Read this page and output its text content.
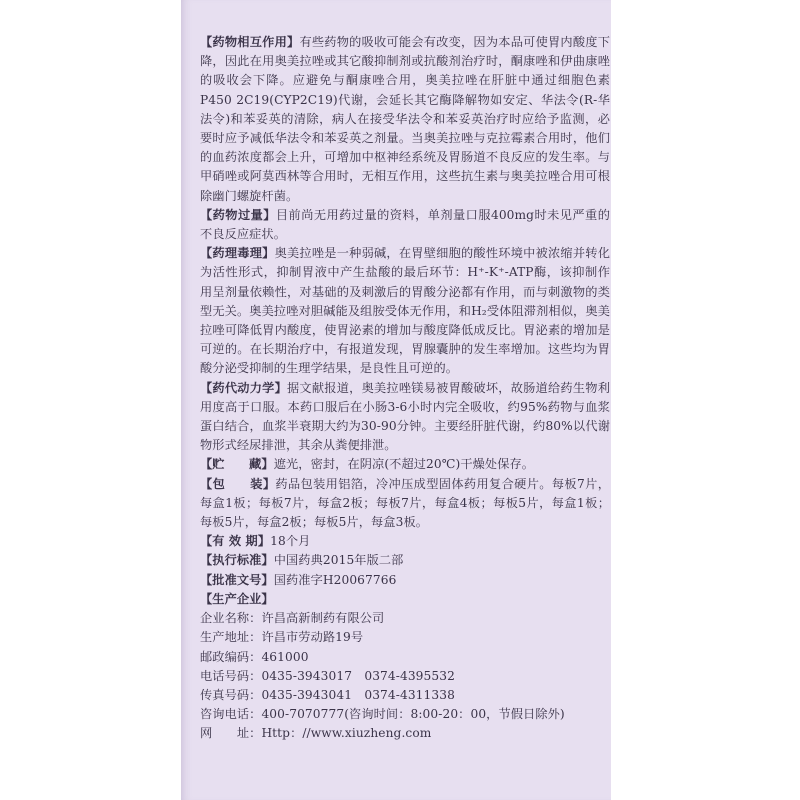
【药物相互作用】有些药物的吸收可能会有改变，因为本品可使胃内酸度下降，因此在用奥美拉唑或其它酸抑制剂或抗酸剂治疗时，酮康唑和伊曲康唑的吸收会下降。应避免与酮康唑合用，奥美拉唑在肝脏中通过细胞色素P450 2C19(CYP2C19)代谢，会延长其它酶降解物如安定、华法令(R-华法令)和苯妥英的清除，病人在接受华法令和苯妥英治疗时应给予监测，必要时应予减低华法令和苯妥英之剂量。当奥美拉唑与克拉霉素合用时，他们的血药浓度都会上升，可增加中枢神经系统及胃肠道不良反应的发生率。与甲硝唑或阿莫西林等合用时，无相互作用，这些抗生素与奥美拉唑合用可根除幽门螺旋杆菌。

【药物过量】目前尚无用药过量的资料，单剂量口服400mg时未见严重的不良反应症状。

【药理毒理】奥美拉唑是一种弱碱，在胃壁细胞的酸性环境中被浓缩并转化为活性形式，抑制胃液中产生盐酸的最后环节：H⁺-K⁺-ATP酶，该抑制作用呈剂量依赖性，对基础的及刺激后的胃酸分泌都有作用，而与刺激物的类型无关。奥美拉唑对胆碱能及组胺受体无作用，和H₂受体阻滞剂相似，奥美拉唑可降低胃内酸度，使胃泌素的增加与酸度降低成反比。胃泌素的增加是可逆的。在长期治疗中，有报道发现，胃腺囊肿的发生率增加。这些均为胃酸分泌受抑制的生理学结果，是良性且可逆的。

【药代动力学】据文献报道，奥美拉唑镁易被胃酸破坏，故肠道给药生物利用度高于口服。本药口服后在小肠3-6小时内完全吸收，约95%药物与血浆蛋白结合，血浆半衰期大约为30-90分钟。主要经肝脏代谢，约80%以代谢物形式经尿排泄，其余从粪便排泄。

【贮　　藏】遮光，密封，在阴凉(不超过20℃)干燥处保存。

【包　　装】药品包装用铝箔，冷冲压成型固体药用复合硬片。每板7片，每盒1板；每板7片，每盒2板；每板7片，每盒4板；每板5片，每盒1板；每板5片，每盒2板；每板5片，每盒3板。

【有 效 期】18个月

【执行标准】中国药典2015年版二部

【批准文号】国药准字H20067766

【生产企业】

企业名称：许昌高新制药有限公司

生产地址：许昌市劳动路19号

邮政编码：461000

电话号码：0435-3943017　0374-4395532

传真号码：0435-3943041　0374-4311338

咨询电话：400-7070777(咨询时间：8:00-20：00，节假日除外)

网　　址：Http：//www.xiuzheng.com
